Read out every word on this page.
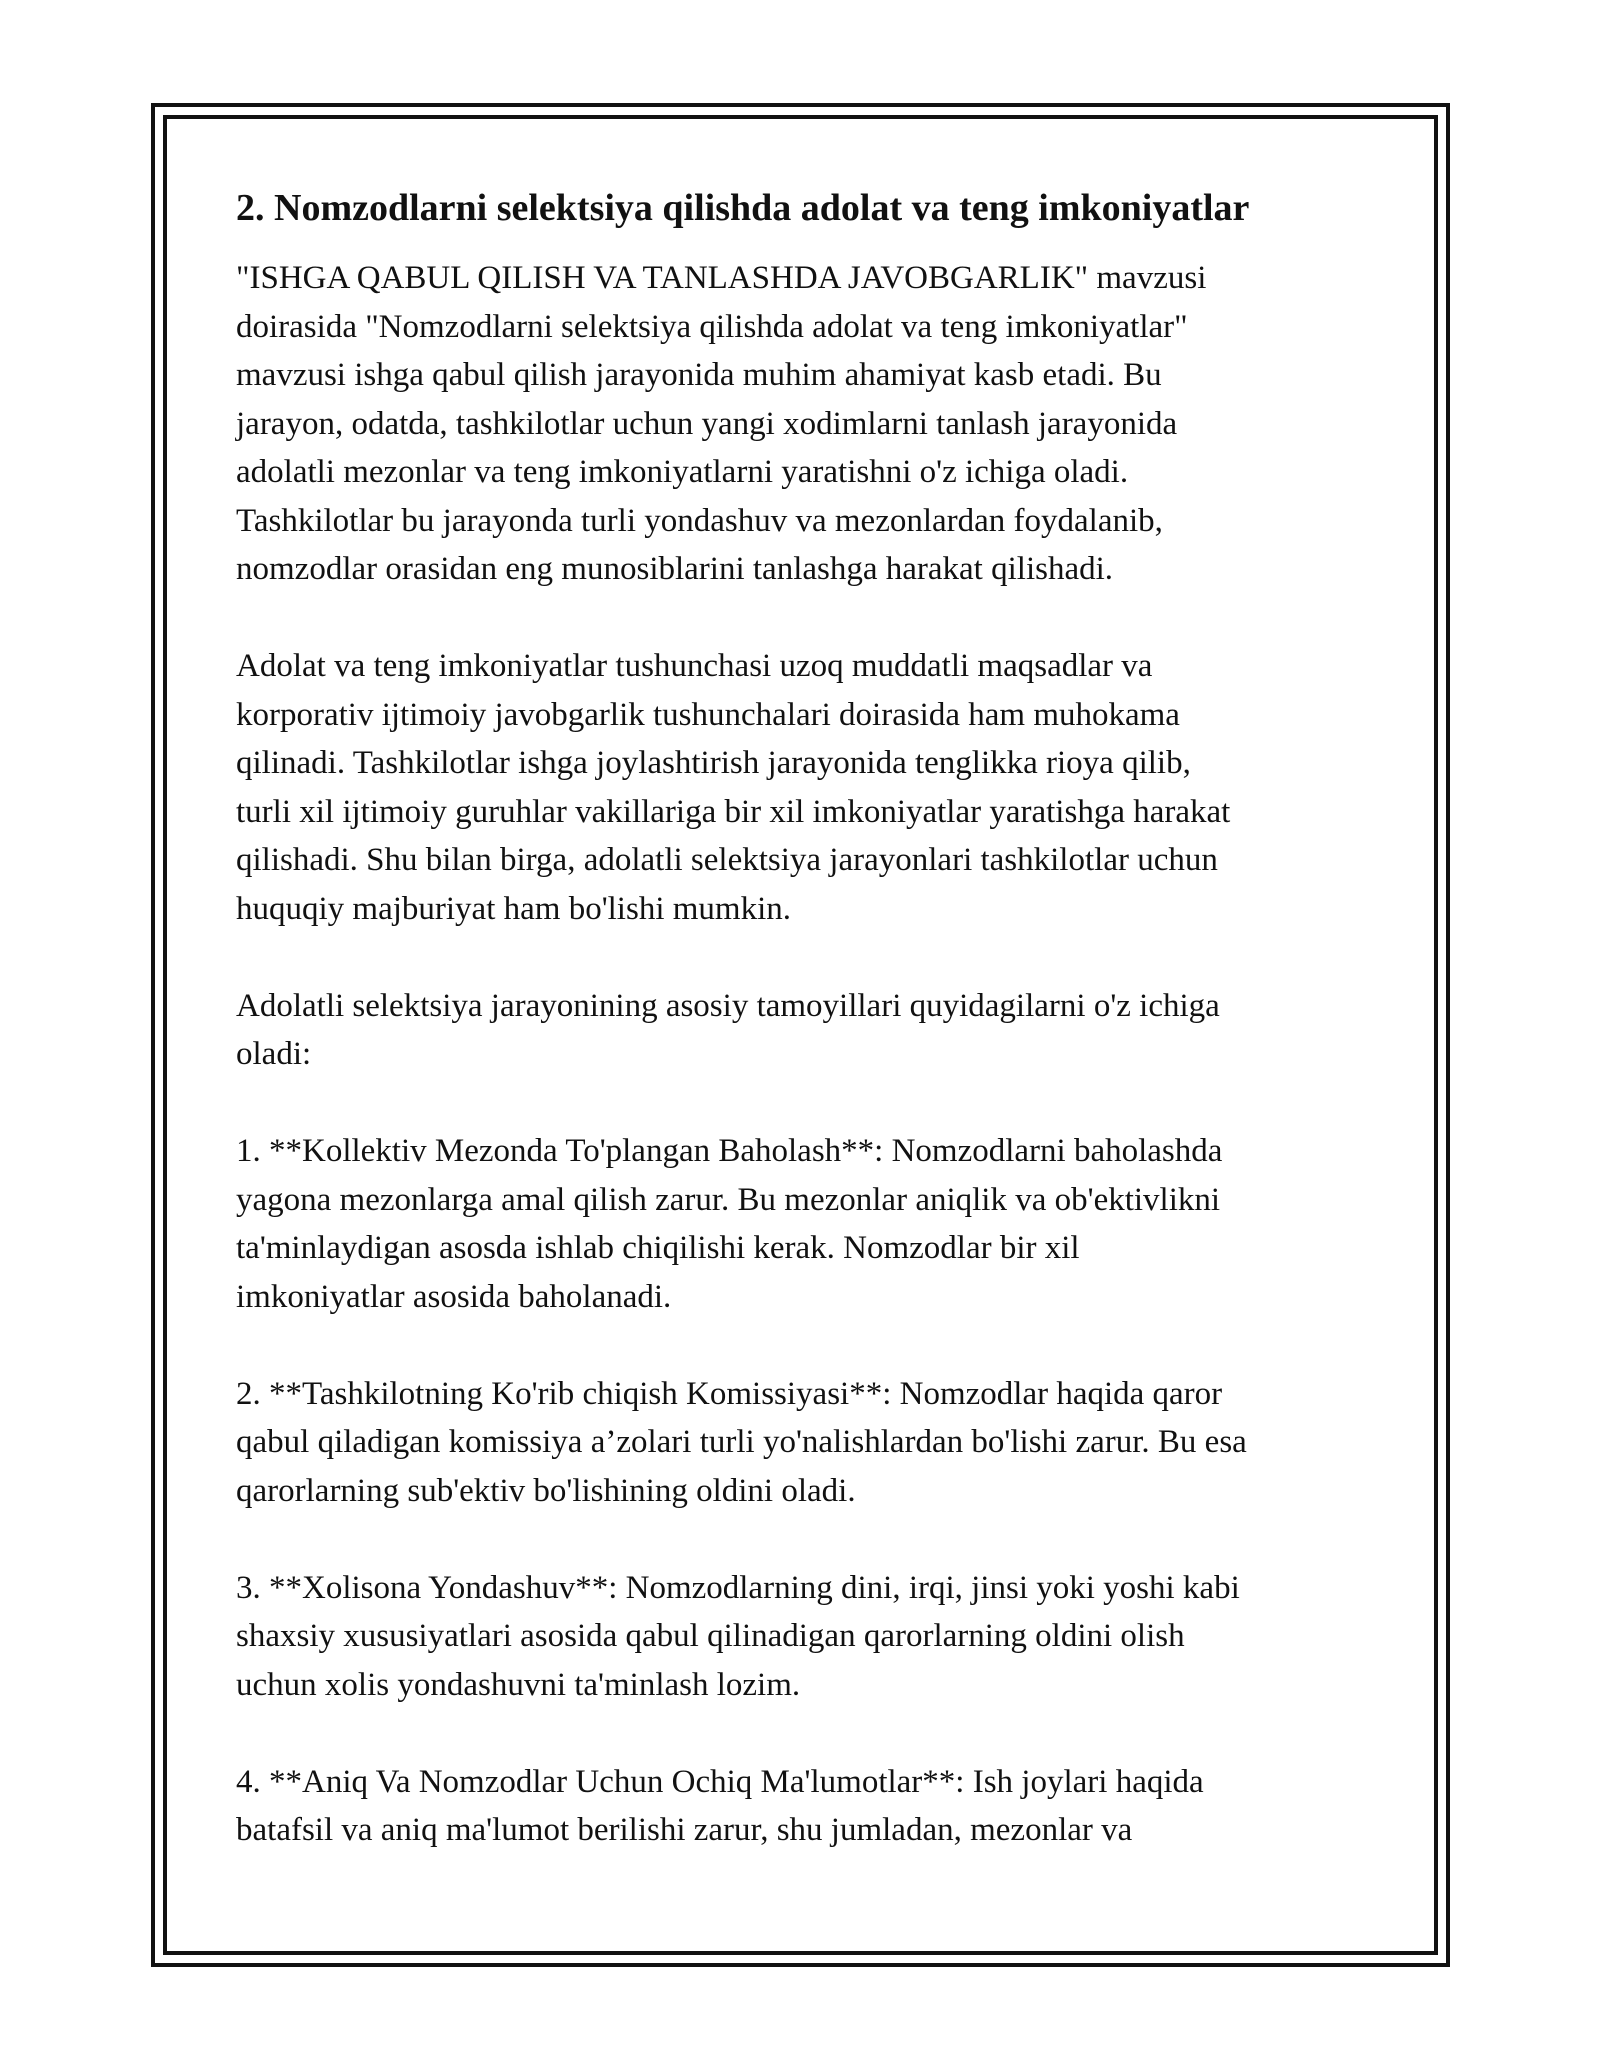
2. Nomzodlarni selektsiya qilishda adolat va teng imkoniyatlar

"ISHGA QABUL QILISH VA TANLASHDA JAVOBGARLIK" mavzusi
doirasida "Nomzodlarni selektsiya qilishda adolat va teng imkoniyatlar"
mavzusi ishga qabul qilish jarayonida muhim ahamiyat kasb etadi. Bu
jarayon, odatda, tashkilotlar uchun yangi xodimlarni tanlash jarayonida
adolatli mezonlar va teng imkoniyatlarni yaratishni o'z ichiga oladi.
Tashkilotlar bu jarayonda turli yondashuv va mezonlardan foydalanib,
nomzodlar orasidan eng munosiblarini tanlashga harakat qilishadi.

Adolat va teng imkoniyatlar tushunchasi uzoq muddatli maqsadlar va
korporativ ijtimoiy javobgarlik tushunchalari doirasida ham muhokama
qilinadi. Tashkilotlar ishga joylashtirish jarayonida tenglikka rioya qilib,
turli xil ijtimoiy guruhlar vakillariga bir xil imkoniyatlar yaratishga harakat
qilishadi. Shu bilan birga, adolatli selektsiya jarayonlari tashkilotlar uchun
huquqiy majburiyat ham bo'lishi mumkin.

Adolatli selektsiya jarayonining asosiy tamoyillari quyidagilarni o'z ichiga
oladi:

1. **Kollektiv Mezonda To'plangan Baholash**: Nomzodlarni baholashda
yagona mezonlarga amal qilish zarur. Bu mezonlar aniqlik va ob'ektivlikni
ta'minlaydigan asosda ishlab chiqilishi kerak. Nomzodlar bir xil
imkoniyatlar asosida baholanadi.

2. **Tashkilotning Ko'rib chiqish Komissiyasi**: Nomzodlar haqida qaror
qabul qiladigan komissiya a’zolari turli yo'nalishlardan bo'lishi zarur. Bu esa
qarorlarning sub'ektiv bo'lishining oldini oladi.

3. **Xolisona Yondashuv**: Nomzodlarning dini, irqi, jinsi yoki yoshi kabi
shaxsiy xususiyatlari asosida qabul qilinadigan qarorlarning oldini olish
uchun xolis yondashuvni ta'minlash lozim.

4. **Aniq Va Nomzodlar Uchun Ochiq Ma'lumotlar**: Ish joylari haqida
batafsil va aniq ma'lumot berilishi zarur, shu jumladan, mezonlar va
